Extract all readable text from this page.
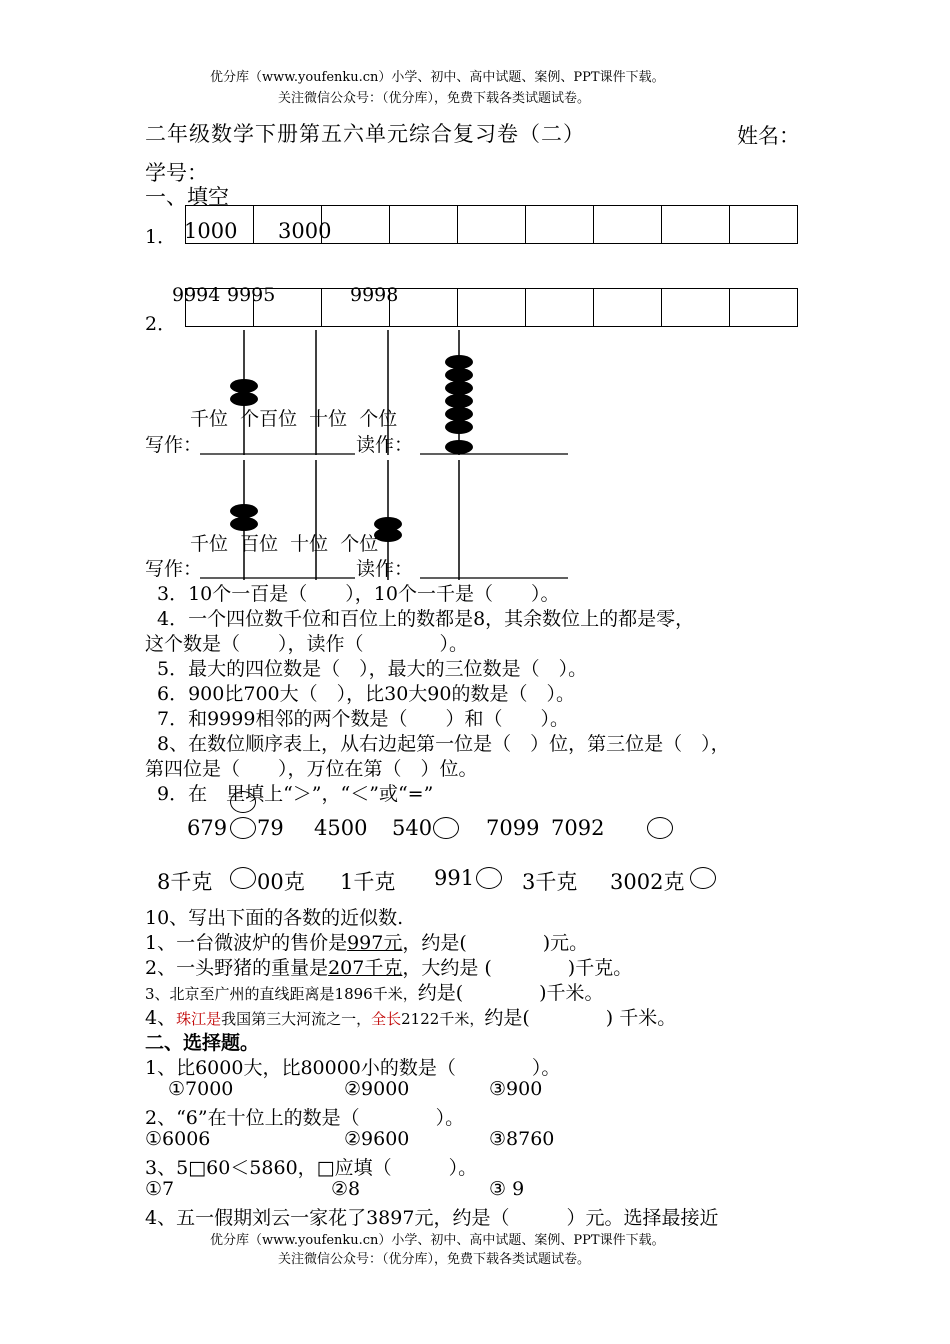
优分库（www.youfenku.cn）小学、初中、高中试题、案例、PPT课件下载。
关注微信公众号：（优分库），免费下载各类试题试卷。
二年级数学下册第五六单元综合复习卷（二）	姓名：
学号：
一、填空

1． 1000 3000
9994 9995	9998

2．
千位  个百位  十位  个位
写作：	读作：
千位  百位  十位  个位
写作：	读作：
3．10个一百是（　　），10个一千是（　　）。
4．一个四位数千位和百位上的数都是8，其余数位上的都是零，
这个数是（　　），读作（　　　　）。
5．最大的四位数是（　），最大的三位数是（　）。
6．900比700大（　），比30大90的数是（　）。
7．和9999相邻的两个数是（　　）和（　　）。
8、在数位顺序表上，从右边起第一位是（　）位，第三位是（　），
第四位是（　　），万位在第（　）位。
9．在　里填上“＞”，“＜”或“=”
679 79 4500 540	7099 7092
8千克 00克 1千克 991 3千克 3002克
10、写出下面的各数的近似数.
1、一台微波炉的售价是997元，约是(　　　　)元。
2、一头野猪的重量是207千克，大约是 (　　　　)千克。
3、北京至广州的直线距离是1896千米，约是(　　　　)千米。
4、珠江是我国第三大河流之一，全长2122千米，约是(　　　　) 千米。
二、选择题。
1、比6000大，比80000小的数是（　　　　）。
①7000	②9000	③900
2、“6”在十位上的数是（　　　　）。
①6006	②9600	③8760
3、5□60＜5860，□应填（　　　）。
①7	②8	③ 9
4、五一假期刘云一家花了3897元，约是（　　　）元。选择最接近
优分库（www.youfenku.cn）小学、初中、高中试题、案例、PPT课件下载。
关注微信公众号：（优分库），免费下载各类试题试卷。
